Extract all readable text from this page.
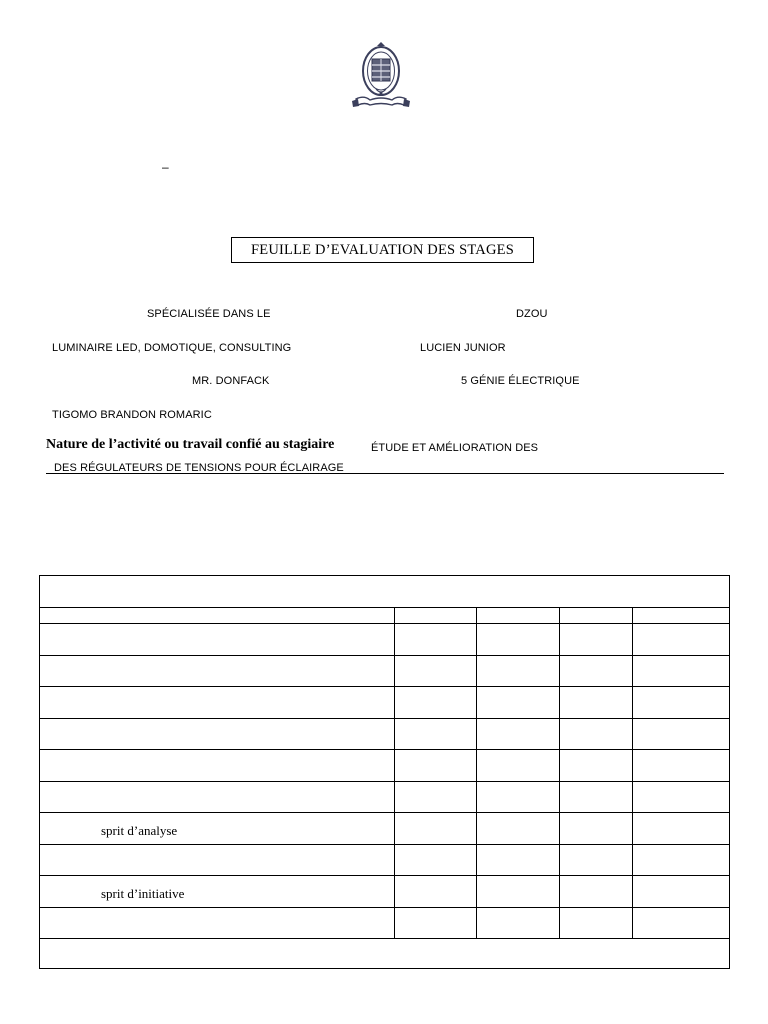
–
FEUILLE D’EVALUATION DES STAGES
SPÉCIALISÉE DANS LE	DZOU
LUMINAIRE LED, DOMOTIQUE, CONSULTING	LUCIEN JUNIOR
MR. DONFACK	5 GÉNIE ÉLECTRIQUE
TIGOMO BRANDON ROMARIC
Nature de l’activité ou travail confié au stagiaire	ÉTUDE ET AMÉLIORATION DES
DES RÉGULATEURS DE TENSIONS POUR ÉCLAIRAGE
sprit d’analyse
sprit d’initiative
